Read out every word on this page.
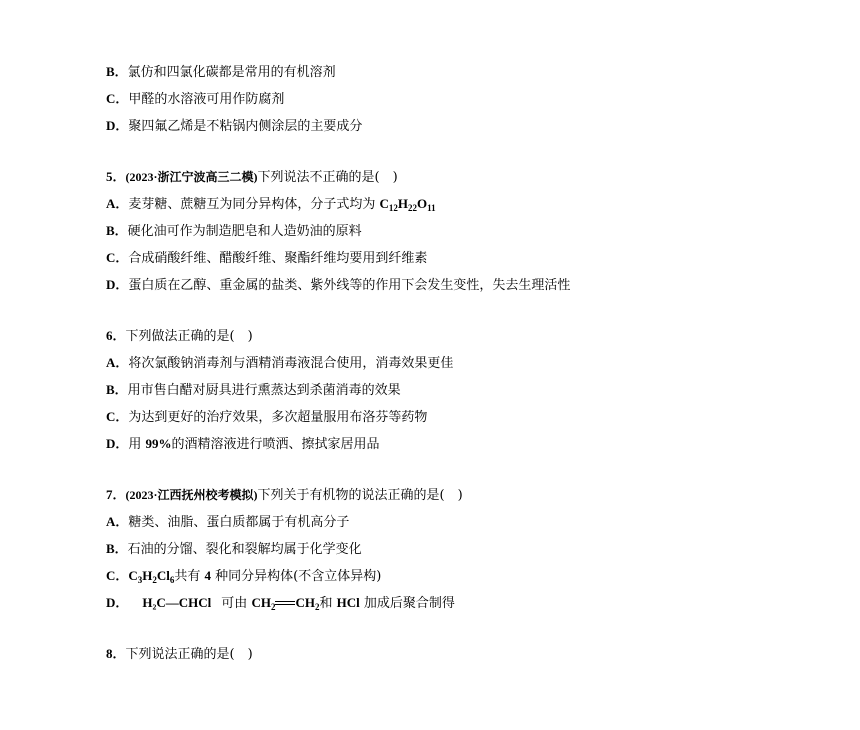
B．氯仿和四氯化碳都是常用的有机溶剂
C．甲醛的水溶液可用作防腐剂
D．聚四氟乙烯是不粘锅内侧涂层的主要成分
5．(2023·浙江宁波高三二模)下列说法不正确的是(　)
A．麦芽糖、蔗糖互为同分异构体，分子式均为 $C_{12}H_{22}O_{11}$
B．硬化油可作为制造肥皂和人造奶油的原料
C．合成硝酸纤维、醋酸纤维、聚酯纤维均要用到纤维素
D．蛋白质在乙醇、重金属的盐类、紫外线等的作用下会发生变性，失去生理活性
6．下列做法正确的是(　)
A．将次氯酸钠消毒剂与酒精消毒液混合使用，消毒效果更佳
B．用市售白醋对厨具进行熏蒸达到杀菌消毒的效果
C．为达到更好的治疗效果，多次超量服用布洛芬等药物
D．用 99%的酒精溶液进行喷洒、擦拭家居用品
7．(2023·江西抚州校考模拟)下列关于有机物的说法正确的是(　)
A．糖类、油脂、蛋白质都属于有机高分子
B．石油的分馏、裂化和裂解均属于化学变化
C．$C_3H_2Cl_6$共有 4 种同分异构体(不含立体异构)
D． H₂C—CHCl 可由 $CH_2$ $CH_2$和 HCl 加成后聚合制得
8．下列说法正确的是(　)
